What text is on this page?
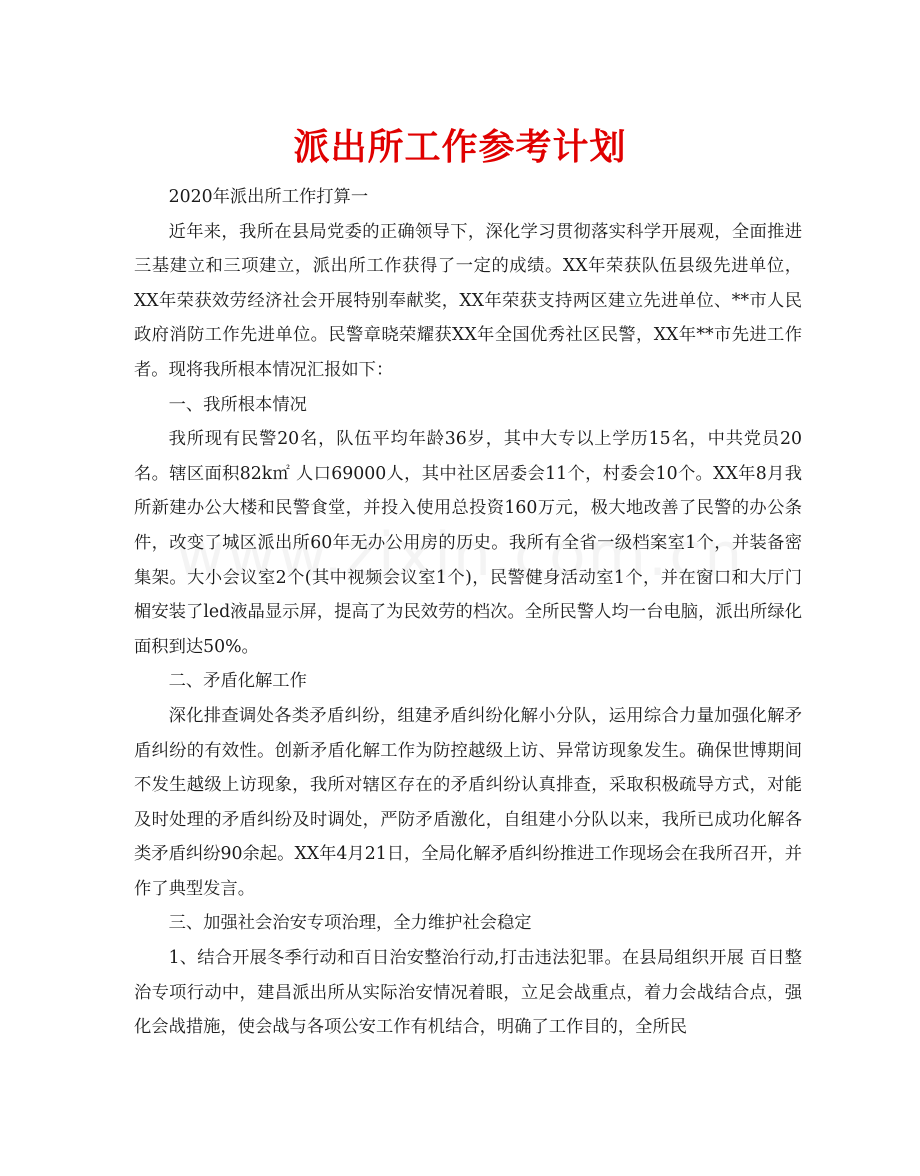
派出所工作参考计划

2020年派出所工作打算一

近年来，我所在县局党委的正确领导下，深化学习贯彻落实科学开展观，全面推进三基建立和三项建立，派出所工作获得了一定的成绩。XX年荣获队伍县级先进单位，XX年荣获效劳经济社会开展特别奉献奖，XX年荣获支持两区建立先进单位、**市人民政府消防工作先进单位。民警章晓荣耀获XX年全国优秀社区民警，XX年**市先进工作者。现将我所根本情况汇报如下：

一、我所根本情况

我所现有民警20名，队伍平均年龄36岁，其中大专以上学历15名，中共党员20名。辖区面积82k㎡ 人口69000人，其中社区居委会11个，村委会10个。XX年8月我所新建办公大楼和民警食堂，并投入使用总投资160万元，极大地改善了民警的办公条件，改变了城区派出所60年无办公用房的历史。我所有全省一级档案室1个，并装备密集架。大小会议室2个(其中视频会议室1个)，民警健身活动室1个，并在窗口和大厅门楣安装了led液晶显示屏，提高了为民效劳的档次。全所民警人均一台电脑，派出所绿化面积到达50%。

二、矛盾化解工作

深化排查调处各类矛盾纠纷，组建矛盾纠纷化解小分队，运用综合力量加强化解矛盾纠纷的有效性。创新矛盾化解工作为防控越级上访、异常访现象发生。确保世博期间不发生越级上访现象，我所对辖区存在的矛盾纠纷认真排查，采取积极疏导方式，对能及时处理的矛盾纠纷及时调处，严防矛盾激化，自组建小分队以来，我所已成功化解各类矛盾纠纷90余起。XX年4月21日，全局化解矛盾纠纷推进工作现场会在我所召开，并作了典型发言。

三、加强社会治安专项治理，全力维护社会稳定

1、结合开展冬季行动和百日治安整治行动,打击违法犯罪。在县局组织开展 百日整治专项行动中，建昌派出所从实际治安情况着眼，立足会战重点，着力会战结合点，强化会战措施，使会战与各项公安工作有机结合，明确了工作目的，全所民
